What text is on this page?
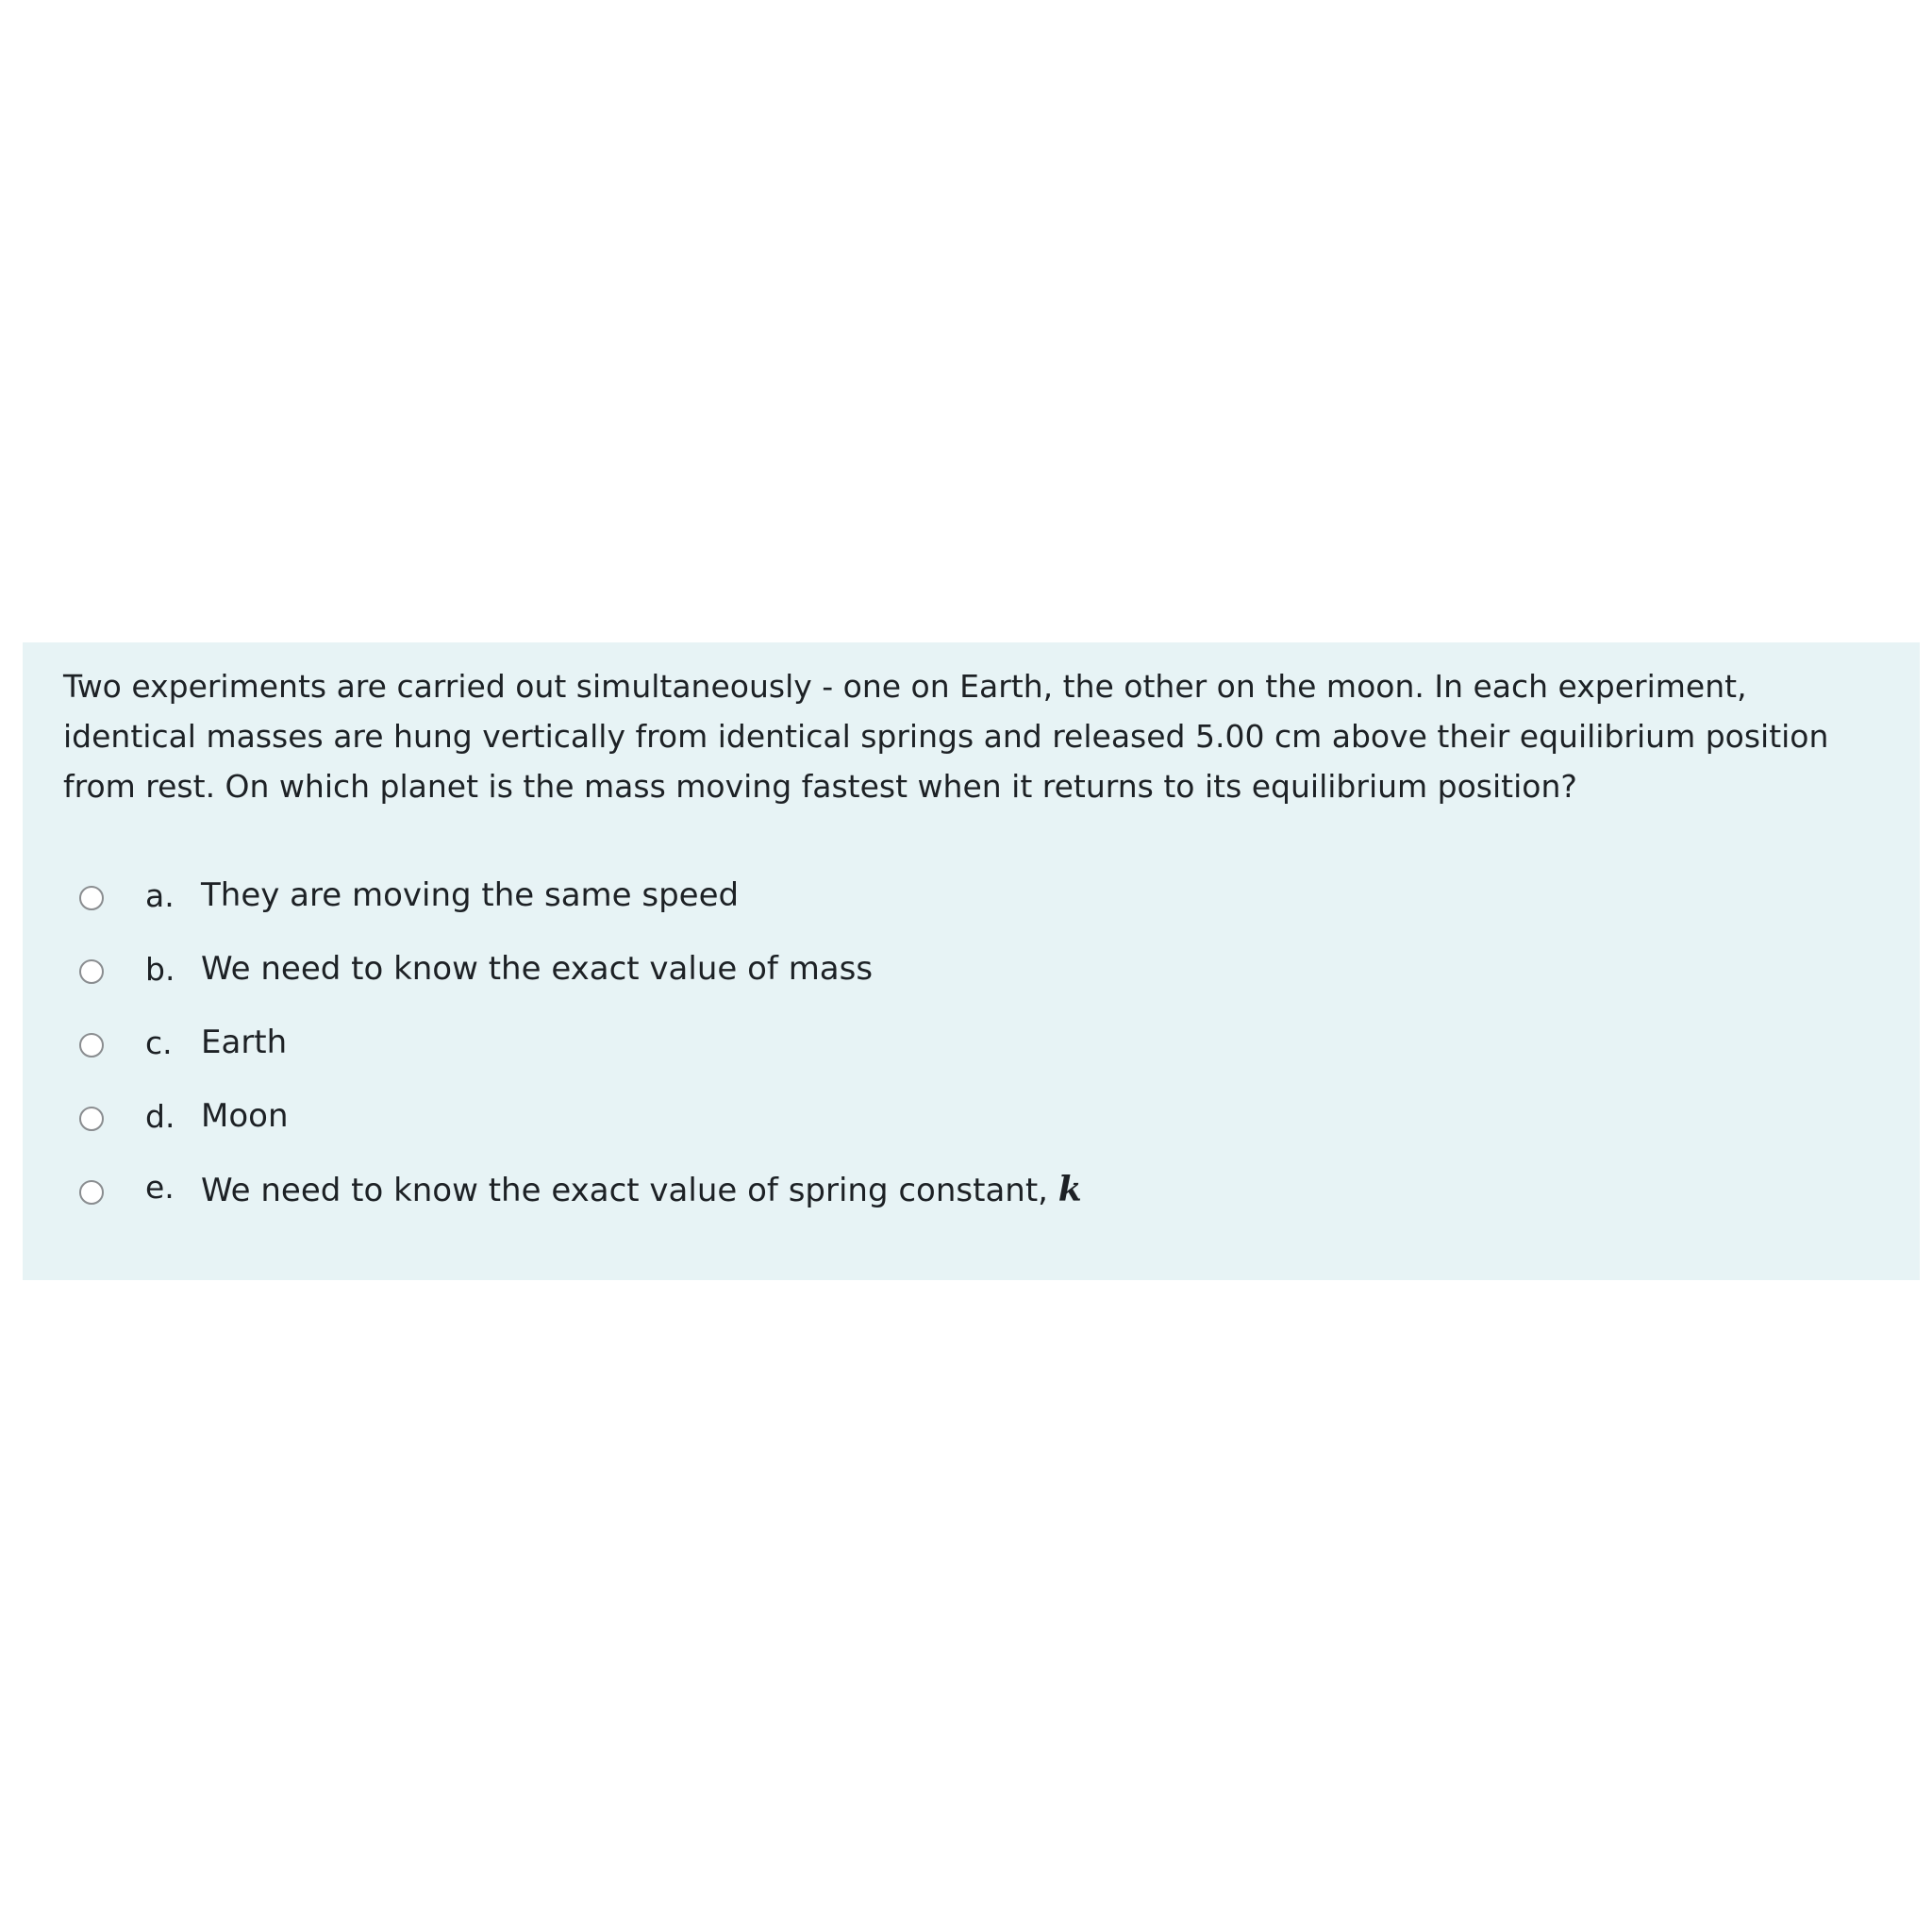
Two experiments are carried out simultaneously - one on Earth, the other on the moon. In each experiment,
identical masses are hung vertically from identical springs and released 5.00 cm above their equilibrium position
from rest. On which planet is the mass moving fastest when it returns to its equilibrium position?
a. They are moving the same speed
b. We need to know the exact value of mass
c. Earth
d. Moon
e. We need to know the exact value of spring constant, k
